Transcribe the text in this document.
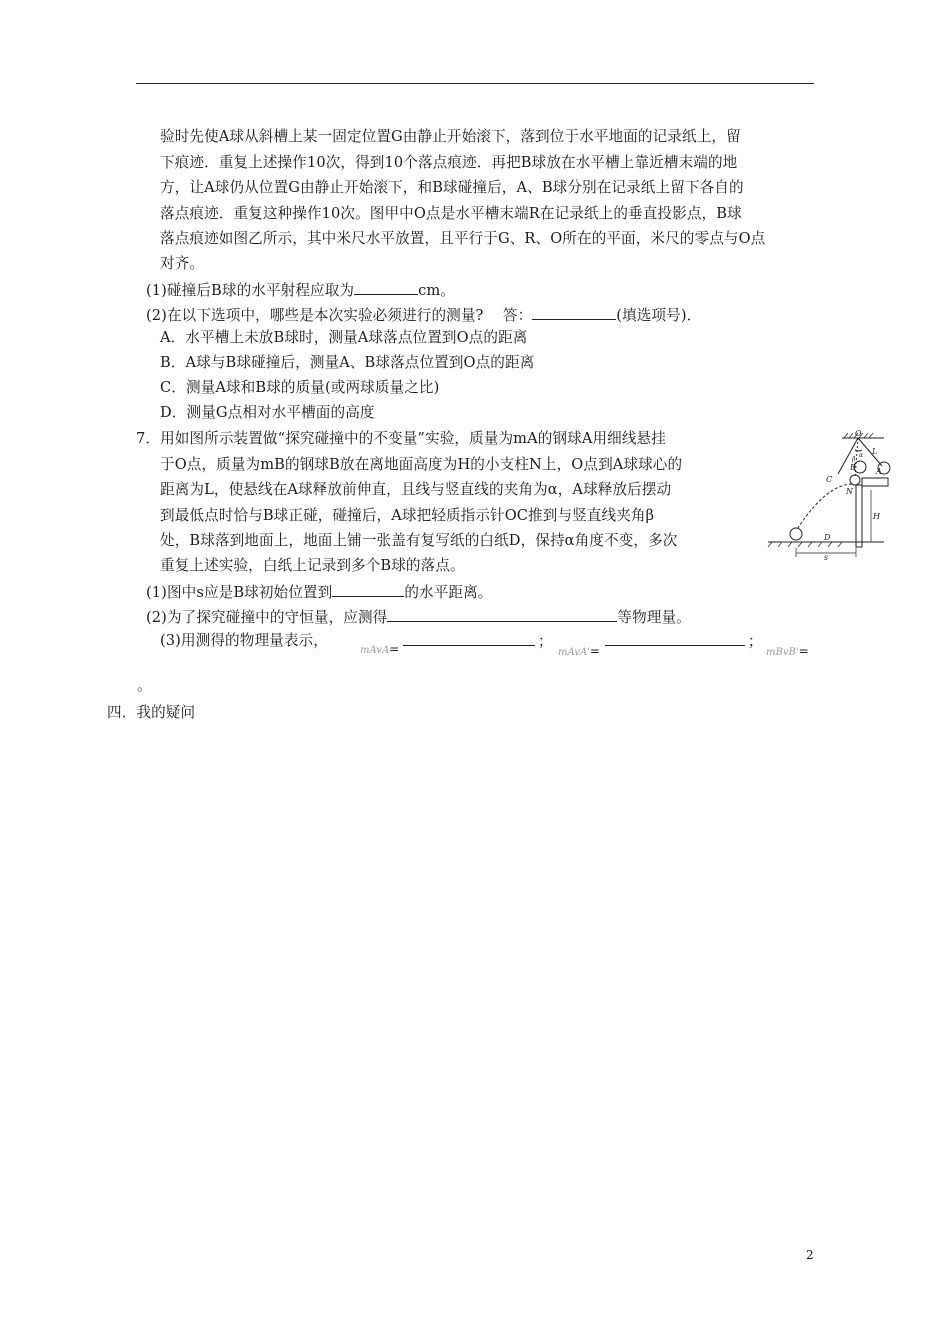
验时先使A球从斜槽上某一固定位置G由静止开始滚下，落到位于水平地面的记录纸上，留
下痕迹．重复上述操作10次，得到10个落点痕迹．再把B球放在水平槽上靠近槽末端的地
方，让A球仍从位置G由静止开始滚下，和B球碰撞后，A、B球分别在记录纸上留下各自的
落点痕迹．重复这种操作10次。图甲中O点是水平槽末端R在记录纸上的垂直投影点，B球
落点痕迹如图乙所示，其中米尺水平放置，且平行于G、R、O所在的平面，米尺的零点与O点
对齐。
(1)碰撞后B球的水平射程应取为	cm。
(2)在以下选项中，哪些是本次实验必须进行的测量?　 答：	(填选项号)．
A．水平槽上未放B球时，测量A球落点位置到O点的距离
B．A球与B球碰撞后，测量A、B球落点位置到O点的距离
C．测量A球和B球的质量(或两球质量之比)
D．测量G点相对水平槽面的高度
7．用如图所示装置做“探究碰撞中的不变量”实验，质量为mA的钢球A用细线悬挂
于O点，质量为mB的钢球B放在离地面高度为H的小支柱N上，O点到A球球心的
距离为L，使悬线在A球释放前伸直，且线与竖直线的夹角为α，A球释放后摆动
到最低点时恰与B球正碰，碰撞后，A球把轻质指示针OC推到与竖直线夹角β
处，B球落到地面上，地面上铺一张盖有复写纸的白纸D，保持α角度不变，多次
重复上述实验，白纸上记录到多个B球的落点。
(1)图中s应是B球初始位置到	的水平距离。
(2)为了探究碰撞中的守恒量，应测得	等物理量。
(3)用测得的物理量表示，
mAvA=	；
mAvA'=
；
mBvB'=
。
四．我的疑问
O
C
L
A
B
N
H
D
s
α
β
2
